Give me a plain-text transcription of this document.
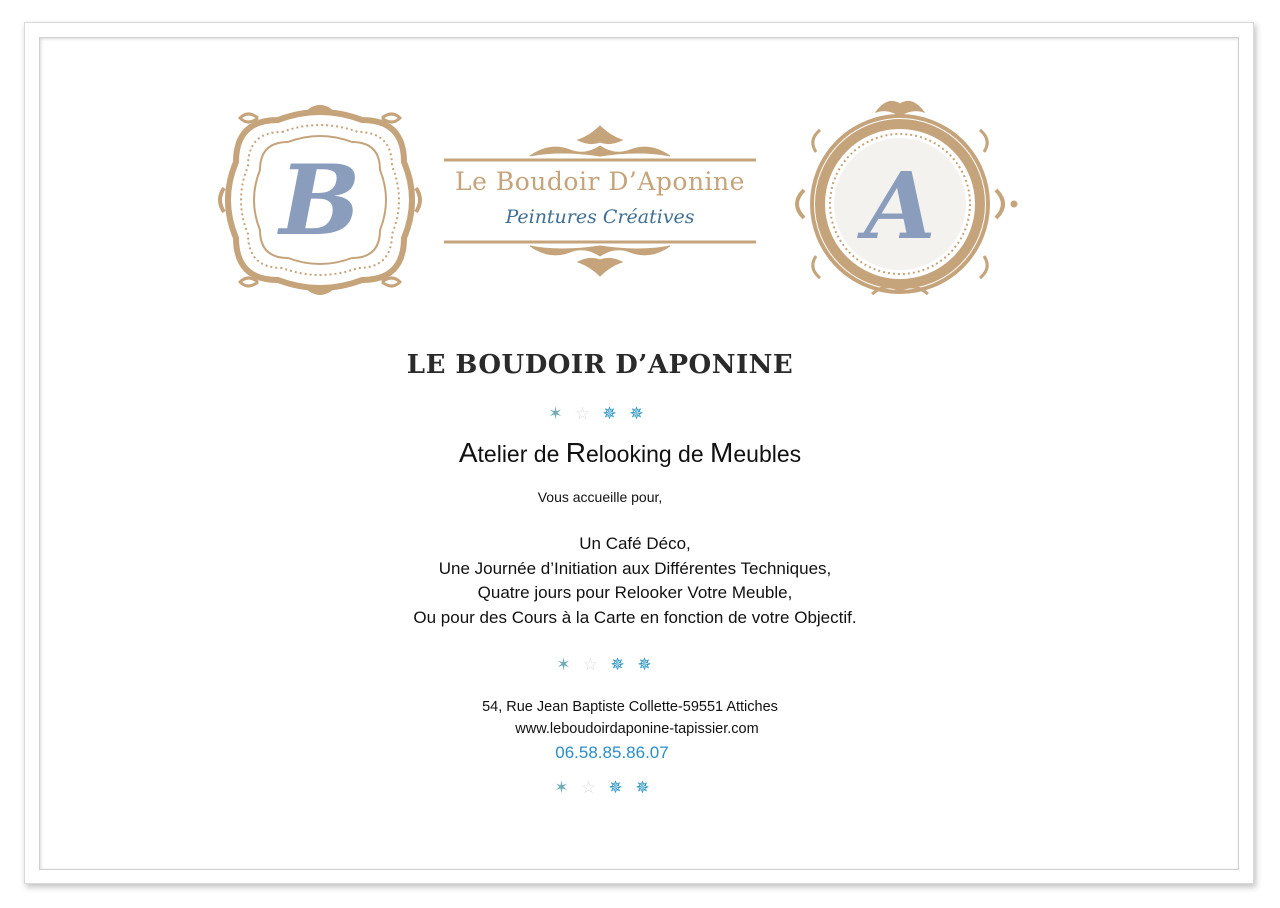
B	Le Boudoir D’Aponine
Peintures Créatives	A
LE BOUDOIR D’APONINE
✶ ☆ ✵ ✵
Atelier de Relooking de Meubles
Vous accueille pour,
Un Café Déco,
Une Journée d’Initiation aux Différentes Techniques,
Quatre jours pour Relooker Votre Meuble,
Ou pour des Cours à la Carte en fonction de votre Objectif.
✶ ☆ ✵ ✵
54, Rue Jean Baptiste Collette-59551 Attiches
www.leboudoirdaponine-tapissier.com
06.58.85.86.07
✶ ☆ ✵ ✵
